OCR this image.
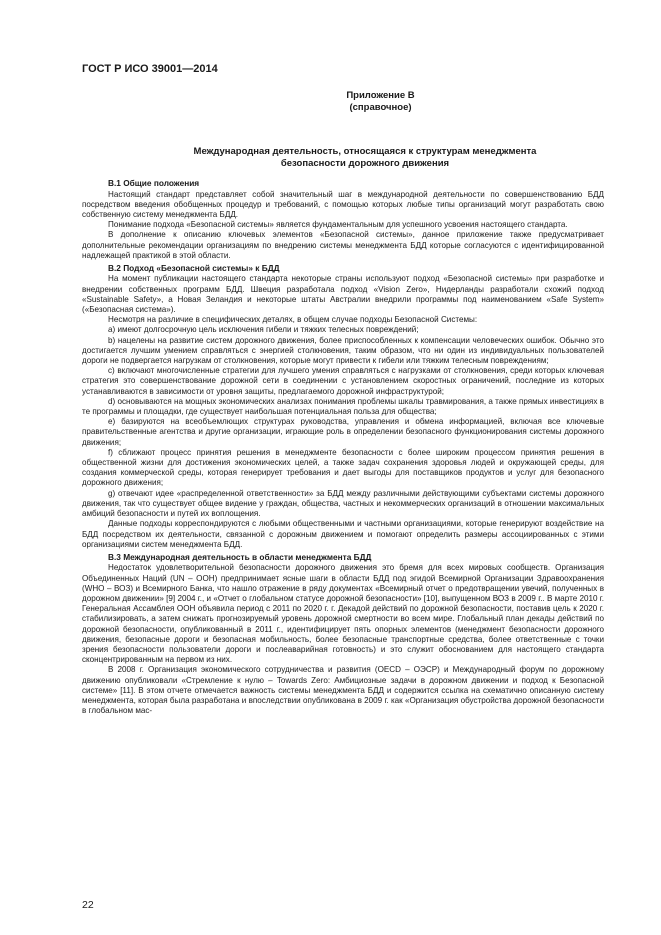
ГОСТ Р ИСО 39001—2014

Приложение В
(справочное)
Международная деятельность, относящаяся к структурам менеджмента
безопасности дорожного движения
В.1 Общие положения

Настоящий стандарт представляет собой значительный шаг в международной деятельности по совершенствованию БДД посредством введения обобщенных процедур и требований, с помощью которых любые типы организаций могут разработать свою собственную систему менеджмента БДД.

Понимание подхода «Безопасной системы» является фундаментальным для успешного усвоения настоящего стандарта.

В дополнение к описанию ключевых элементов «Безопасной системы», данное приложение также предусматривает дополнительные рекомендации организациям по внедрению системы менеджмента БДД которые согласуются с идентифицированной надлежащей практикой в этой области.

В.2 Подход «Безопасной системы» к БДД

На момент публикации настоящего стандарта некоторые страны используют подход «Безопасной системы» при разработке и внедрении собственных программ БДД. Швеция разработала подход «Vision Zero», Нидерланды разработали схожий подход «Sustainable Safety», а Новая Зеландия и некоторые штаты Австралии внедрили программы под наименованием «Safe System» («Безопасная система»).

Несмотря на различие в специфических деталях, в общем случае подходы Безопасной Системы:

a) имеют долгосрочную цель исключения гибели и тяжких телесных повреждений;

b) нацелены на развитие систем дорожного движения, более приспособленных к компенсации человеческих ошибок. Обычно это достигается лучшим умением справляться с энергией столкновения, таким образом, что ни один из индивидуальных пользователей дороги не подвергается нагрузкам от столкновения, которые могут привести к гибели или тяжким телесным повреждениям;

c) включают многочисленные стратегии для лучшего умения справляться с нагрузками от столкновения, среди которых ключевая стратегия это совершенствование дорожной сети в соединении с установлением скоростных ограничений, последние из которых устанавливаются в зависимости от уровня защиты, предлагаемого дорожной инфраструктурой;

d) основываются на мощных экономических анализах понимания проблемы шкалы травмирования, а также прямых инвестициях в те программы и площадки, где существует наибольшая потенциальная польза для общества;

e) базируются на всеобъемлющих структурах руководства, управления и обмена информацией, включая все ключевые правительственные агентства и другие организации, играющие роль в определении безопасного функционирования системы дорожного движения;

f) сближают процесс принятия решения в менеджменте безопасности с более широким процессом принятия решения в общественной жизни для достижения экономических целей, а также задач сохранения здоровья людей и окружающей среды, для создания коммерческой среды, которая генерирует требования и дает выгоды для поставщиков продуктов и услуг для безопасного дорожного движения;

g) отвечают идее «распределенной ответственности» за БДД между различными действующими субъектами системы дорожного движения, так что существует общее видение у граждан, общества, частных и некоммерческих организаций в отношении максимальных амбиций безопасности и путей их воплощения.

Данные подходы корреспондируются с любыми общественными и частными организациями, которые генерируют воздействие на БДД посредством их деятельности, связанной с дорожным движением и помогают определить размеры ассоциированных с этими организациями систем менеджмента БДД.

В.3 Международная деятельность в области менеджмента БДД

Недостаток удовлетворительной безопасности дорожного движения это бремя для всех мировых сообществ. Организация Объединенных Наций (UN – ООН) предпринимает ясные шаги в области БДД под эгидой Всемирной Организации Здравоохранения (WHO – ВОЗ) и Всемирного Банка, что нашло отражение в ряду документах «Всемирный отчет о предотвращении увечий, полученных в дорожном движении» [9] 2004 г., и «Отчет о глобальном статусе дорожной безопасности» [10], выпущенном ВОЗ в 2009 г.. В марте 2010 г. Генеральная Ассамблея ООН объявила период с 2011 по 2020 г. г. Декадой действий по дорожной безопасности, поставив цель к 2020 г. стабилизировать, а затем снижать прогнозируемый уровень дорожной смертности во всем мире. Глобальный план декады действий по дорожной безопасности, опубликованный в 2011 г., идентифицирует пять опорных элементов (менеджмент безопасности дорожного движения, безопасные дороги и безопасная мобильность, более безопасные транспортные средства, более ответственные с точки зрения безопасности пользователи дороги и послеаварийная готовность) и это служит обоснованием для настоящего стандарта сконцентрированным на первом из них.

В 2008 г. Организация экономического сотрудничества и развития (OECD – ОЭСР) и Международный форум по дорожному движению опубликовали «Стремление к нулю – Towards Zero: Амбициозные задачи в дорожном движении и подход к Безопасной системе» [11]. В этом отчете отмечается важность системы менеджмента БДД и содержится ссылка на схематично описанную систему менеджмента, которая была разработана и впоследствии опубликована в 2009 г. как «Организация обустройства дорожной безопасности в глобальном мас-

22
